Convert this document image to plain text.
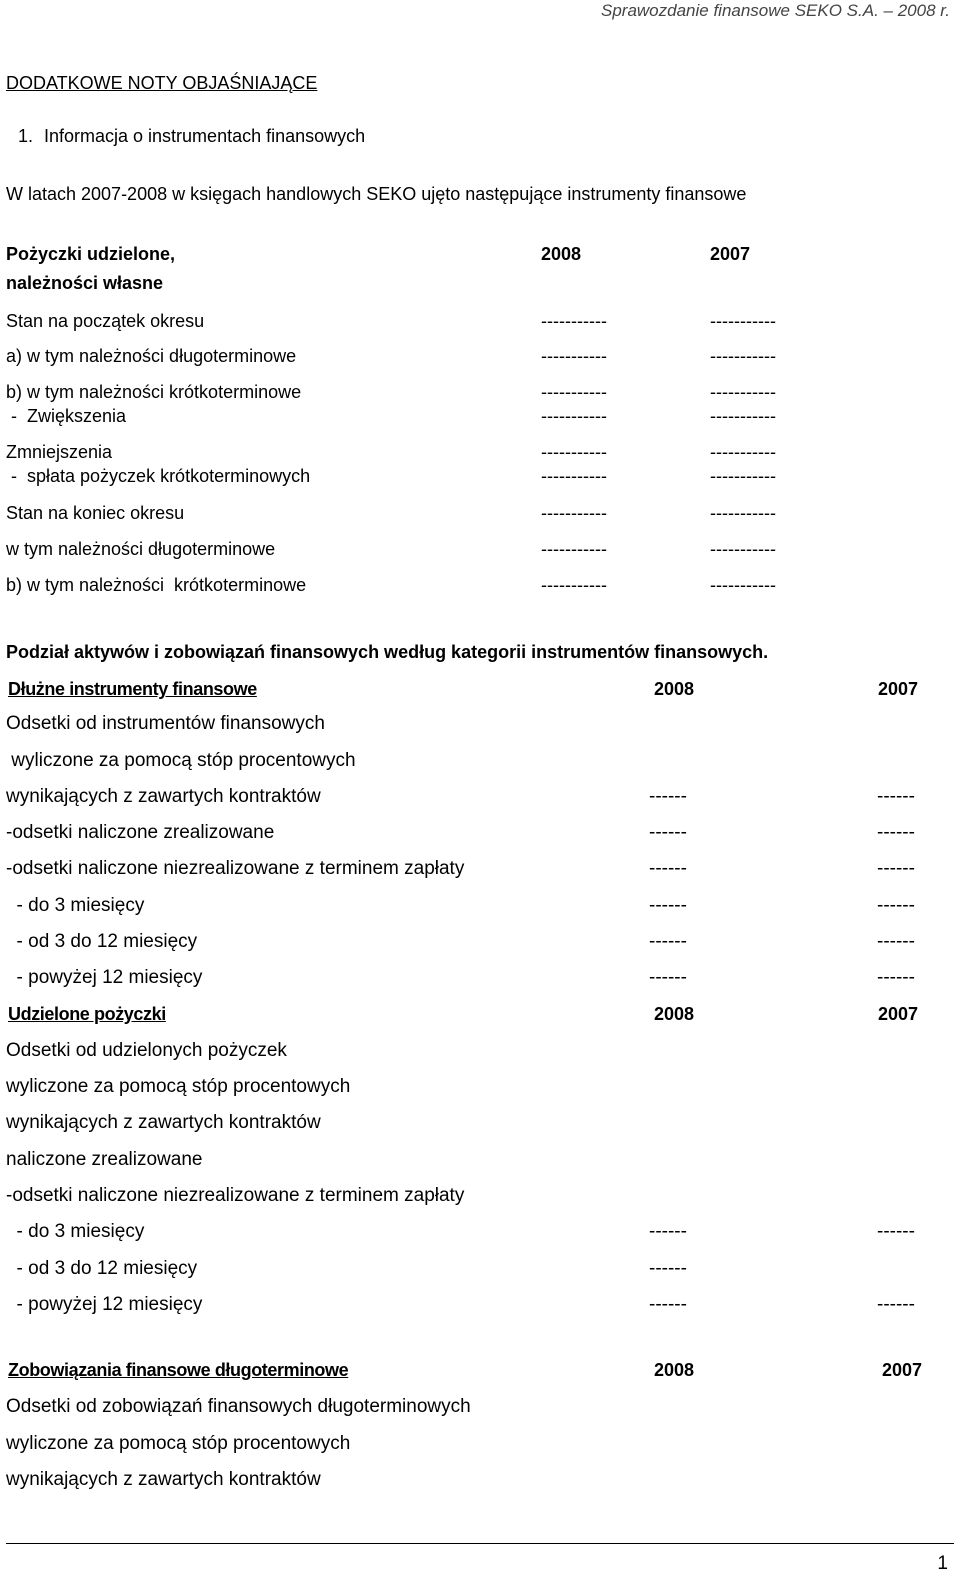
Sprawozdanie finansowe SEKO S.A. – 2008 r.
DODATKOWE NOTY OBJAŚNIAJĄCE
1. Informacja o instrumentach finansowych
W latach 2007-2008 w księgach handlowych SEKO ujęto następujące instrumenty finansowe
Pożyczki udzielone,
należności własne
2008	2007
Stan na początek okresu	-----------	-----------
a) w tym należności długoterminowe	-----------	-----------
b) w tym należności krótkoterminowe	-----------	-----------
-  Zwiększenia	-----------	-----------
Zmniejszenia	-----------	-----------
-  spłata pożyczek krótkoterminowych	-----------	-----------
Stan na koniec okresu	-----------	-----------
w tym należności długoterminowe	-----------	-----------
b) w tym należności  krótkoterminowe	-----------	-----------
Podział aktywów i zobowiązań finansowych według kategorii instrumentów finansowych.
Dłużne instrumenty finansowe	2008	2007
Odsetki od instrumentów finansowych
wyliczone za pomocą stóp procentowych
wynikających z zawartych kontraktów	------	------
-odsetki naliczone zrealizowane	------	------
-odsetki naliczone niezrealizowane z terminem zapłaty	------	------
- do 3 miesięcy	------	------
- od 3 do 12 miesięcy	------	------
- powyżej 12 miesięcy	------	------
Udzielone pożyczki	2008	2007
Odsetki od udzielonych pożyczek
wyliczone za pomocą stóp procentowych
wynikających z zawartych kontraktów
naliczone zrealizowane
-odsetki naliczone niezrealizowane z terminem zapłaty
- do 3 miesięcy	------	------
- od 3 do 12 miesięcy	------
- powyżej 12 miesięcy	------	------
Zobowiązania finansowe długoterminowe	2008	2007
Odsetki od zobowiązań finansowych długoterminowych
wyliczone za pomocą stóp procentowych
wynikających z zawartych kontraktów
1
